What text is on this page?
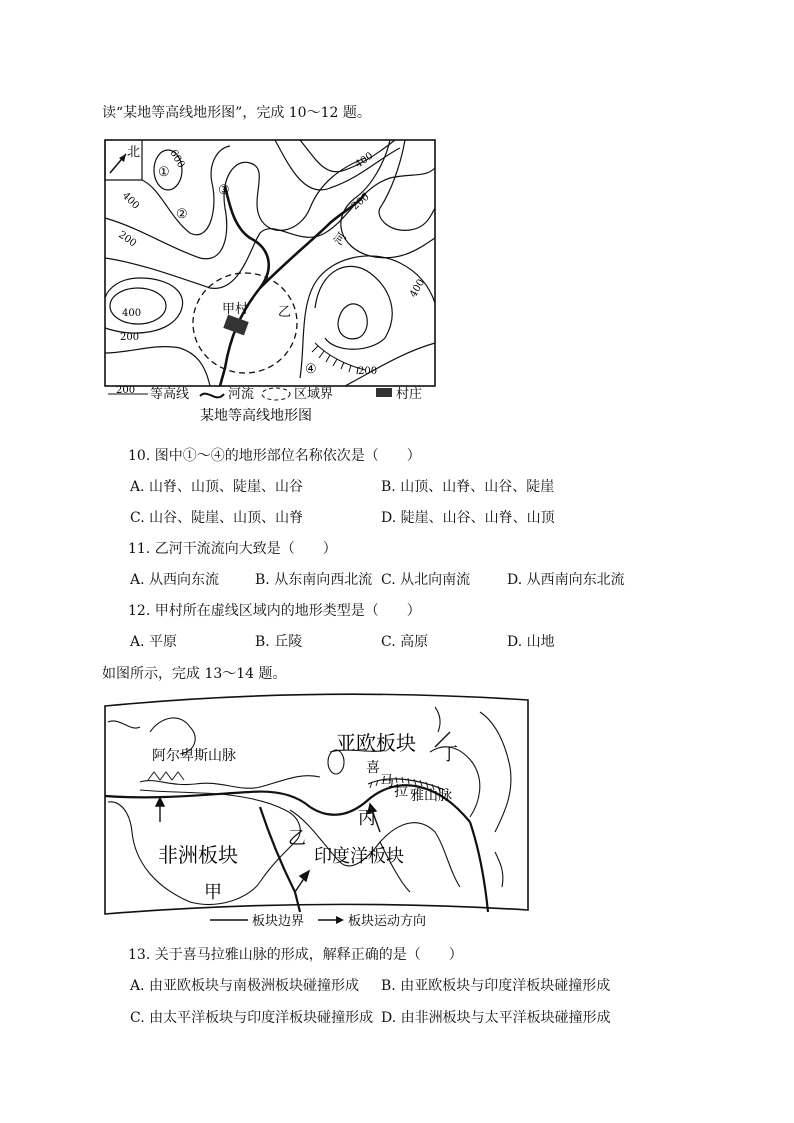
读“某地等高线地形图”，完成 10～12 题。
北
甲村
①
②
③
④
600
400
400
400
400
200
200
200
200
河
乙
200 等高线	河流	区域界	村庄
某地等高线地形图
10. 图中①～④的地形部位名称依次是（　　）
A. 山脊、山顶、陡崖、山谷	B. 山顶、山脊、山谷、陡崖
C. 山谷、陡崖、山顶、山脊	D. 陡崖、山谷、山脊、山顶
11. 乙河干流流向大致是（　　）
A. 从西向东流	B. 从东南向西北流 C. 从北向南流	D. 从西南向东北流
12. 甲村所在虚线区域内的地形类型是（　　）
A. 平原	B. 丘陵	C. 高原	D. 山地
如图所示，完成 13～14 题。
亚欧板块
阿尔卑斯山脉
喜
马
拉 雅山脉
丁
丙
乙
非洲板块	印度洋板块
甲
板块边界	板块运动方向
13. 关于喜马拉雅山脉的形成，解释正确的是（　　）
A. 由亚欧板块与南极洲板块碰撞形成 B. 由亚欧板块与印度洋板块碰撞形成
C. 由太平洋板块与印度洋板块碰撞形成 D. 由非洲板块与太平洋板块碰撞形成
